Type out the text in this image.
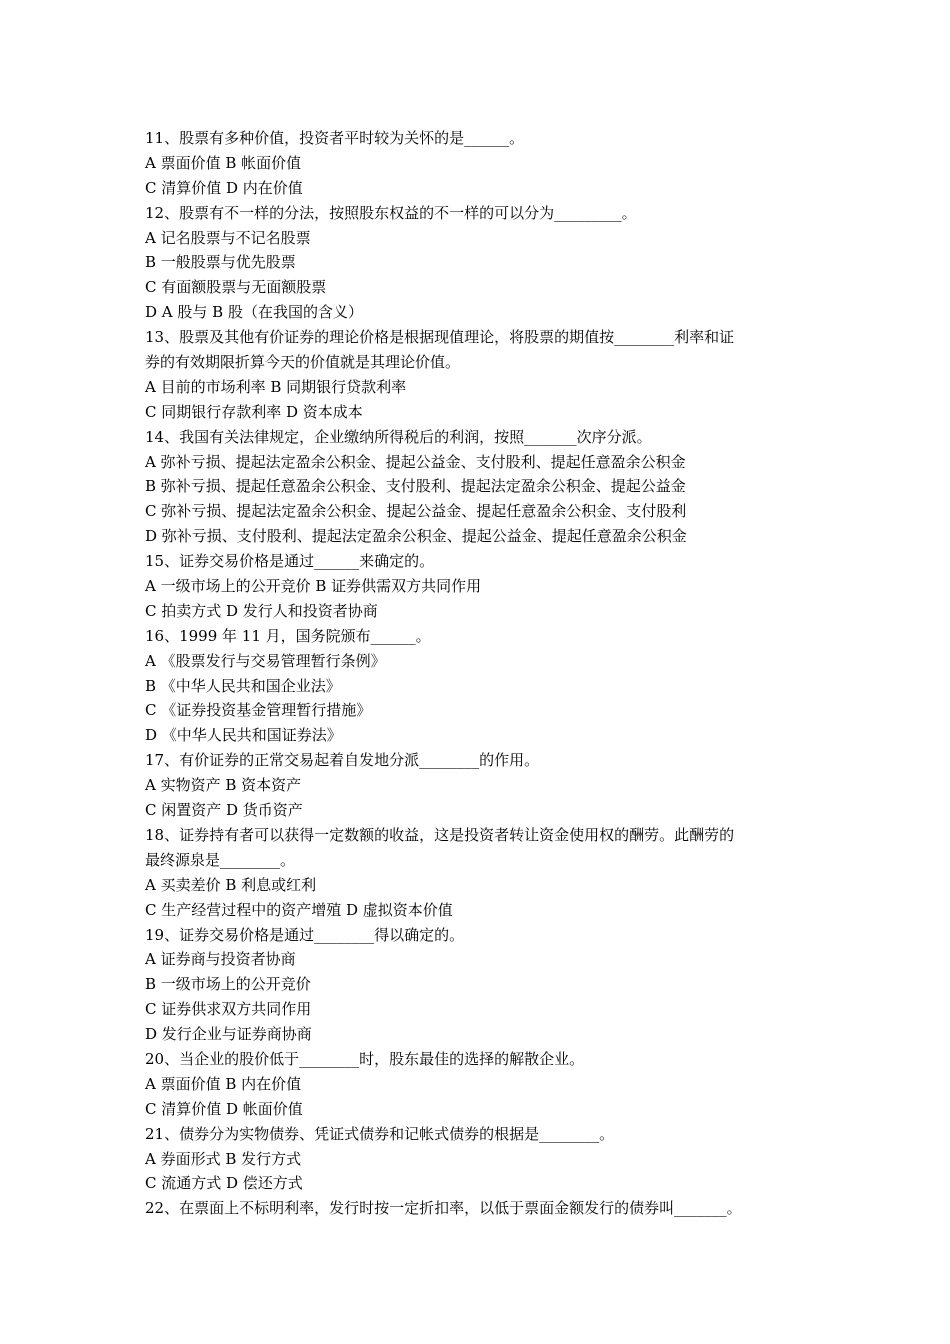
11、股票有多种价值，投资者平时较为关怀的是______。
A 票面价值 B 帐面价值
C 清算价值 D 内在价值
12、股票有不一样的分法，按照股东权益的不一样的可以分为_________。
A 记名股票与不记名股票
B 一般股票与优先股票
C 有面额股票与无面额股票
D A 股与 B 股（在我国的含义）
13、股票及其他有价证券的理论价格是根据现值理论，将股票的期值按________利率和证
券的有效期限折算今天的价值就是其理论价值。
A 目前的市场利率 B 同期银行贷款利率
C 同期银行存款利率 D 资本成本
14、我国有关法律规定，企业缴纳所得税后的利润，按照_______次序分派。
A 弥补亏损、提起法定盈余公积金、提起公益金、支付股利、提起任意盈余公积金
B 弥补亏损、提起任意盈余公积金、支付股利、提起法定盈余公积金、提起公益金
C 弥补亏损、提起法定盈余公积金、提起公益金、提起任意盈余公积金、支付股利
D 弥补亏损、支付股利、提起法定盈余公积金、提起公益金、提起任意盈余公积金
15、证券交易价格是通过______来确定的。
A 一级市场上的公开竞价 B 证券供需双方共同作用
C 拍卖方式 D 发行人和投资者协商
16、1999 年 11 月，国务院颁布______。
A 《股票发行与交易管理暂行条例》
B 《中华人民共和国企业法》
C 《证券投资基金管理暂行措施》
D 《中华人民共和国证券法》
17、有价证券的正常交易起着自发地分派________的作用。
A 实物资产 B 资本资产
C 闲置资产 D 货币资产
18、证券持有者可以获得一定数额的收益，这是投资者转让资金使用权的酬劳。此酬劳的
最终源泉是________。
A 买卖差价 B 利息或红利
C 生产经营过程中的资产增殖 D 虚拟资本价值
19、证券交易价格是通过________得以确定的。
A 证券商与投资者协商
B 一级市场上的公开竞价
C 证券供求双方共同作用
D 发行企业与证券商协商
20、当企业的股价低于________时，股东最佳的选择的解散企业。
A 票面价值 B 内在价值
C 清算价值 D 帐面价值
21、债券分为实物债券、凭证式债券和记帐式债券的根据是________。
A 券面形式 B 发行方式
C 流通方式 D 偿还方式
22、在票面上不标明利率，发行时按一定折扣率，以低于票面金额发行的债券叫_______。
